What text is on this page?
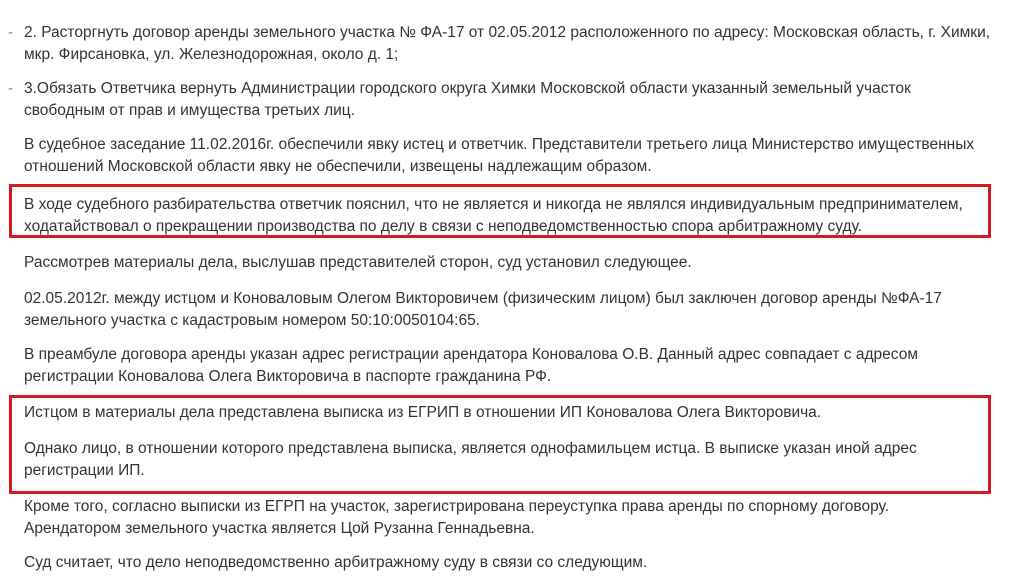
- 2. Расторгнуть договор аренды земельного участка № ФА-17 от 02.05.2012 расположенного по адресу: Московская область, г. Химки, мкр. Фирсановка, ул. Железнодорожная, около д. 1;
- 3.Обязать Ответчика вернуть Администрации городского округа Химки Московской области указанный земельный участок свободным от прав и имущества третьих лиц.
В судебное заседание 11.02.2016г. обеспечили явку истец и ответчик. Представители третьего лица Министерство имущественных отношений Московской области явку не обеспечили, извещены надлежащим образом.
В ходе судебного разбирательства ответчик пояснил, что не является и никогда не являлся индивидуальным предпринимателем, ходатайствовал о прекращении производства по делу в связи с неподведомственностью спора арбитражному суду.
Рассмотрев материалы дела, выслушав представителей сторон, суд установил следующее.
02.05.2012г. между истцом и Коноваловым Олегом Викторовичем (физическим лицом) был заключен договор аренды №ФА-17 земельного участка с кадастровым номером 50:10:0050104:65.
В преамбуле договора аренды указан адрес регистрации арендатора Коновалова О.В. Данный адрес совпадает с адресом регистрации Коновалова Олега Викторовича в паспорте гражданина РФ.
Истцом в материалы дела представлена выписка из ЕГРИП в отношении ИП Коновалова Олега Викторовича.
Однако лицо, в отношении которого представлена выписка, является однофамильцем истца. В выписке указан иной адрес регистрации ИП.
Кроме того, согласно выписки из ЕГРП на участок, зарегистрирована переуступка права аренды по спорному договору. Арендатором земельного участка является Цой Рузанна Геннадьевна.
Суд считает, что дело неподведомственно арбитражному суду в связи со следующим.
